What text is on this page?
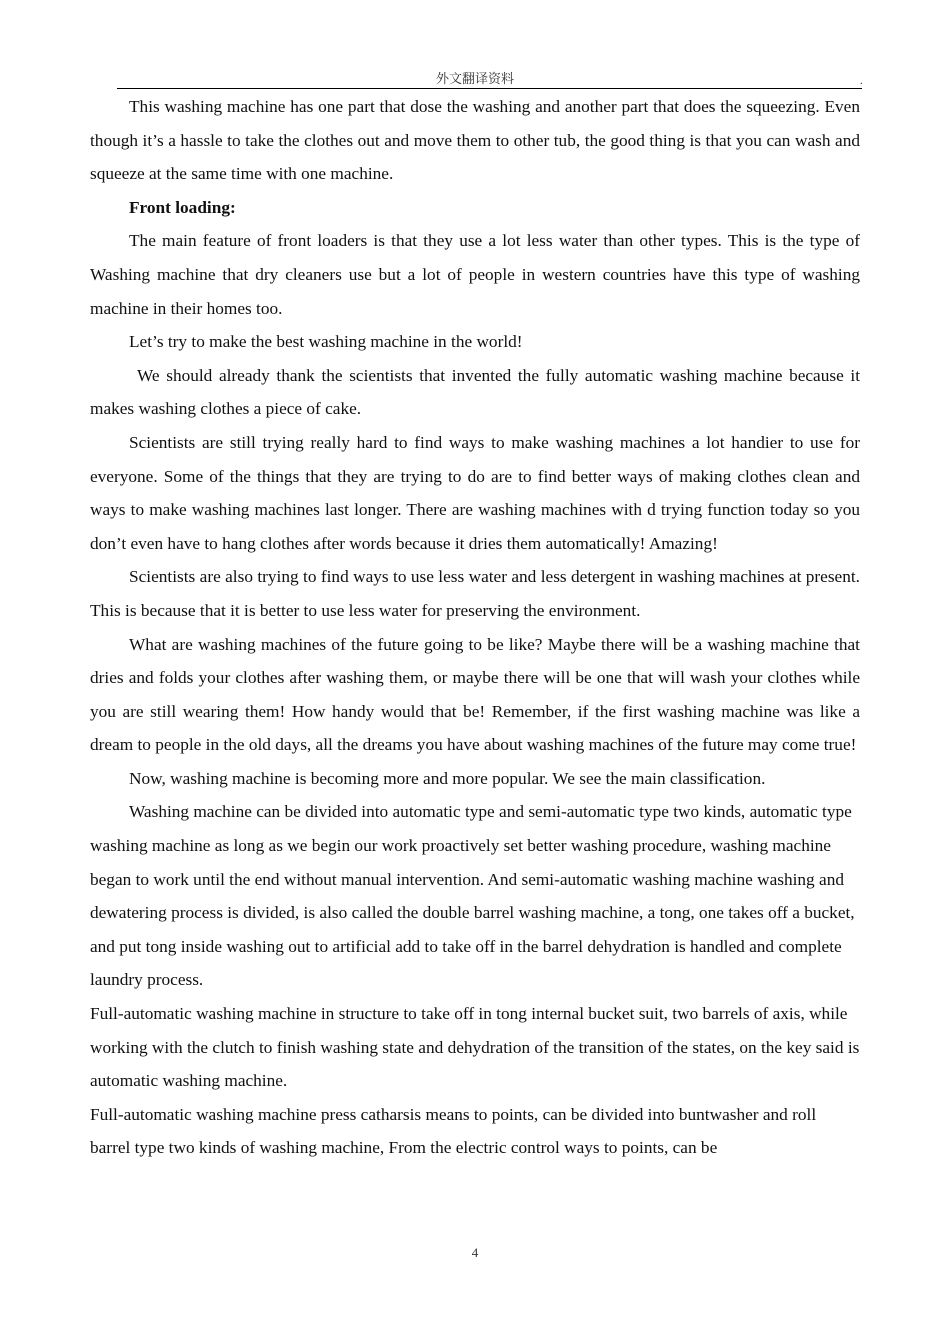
外文翻译资料	.

This washing machine has one part that dose the washing and another part that does the squeezing. Even though it’s a hassle to take the clothes out and move them to other tub, the good thing is that you can wash and squeeze at the same time with one machine.

Front loading:

The main feature of front loaders is that they use a lot less water than other types. This is the type of Washing machine that dry cleaners use but a lot of people in western countries have this type of washing machine in their homes too.

Let’s try to make the best washing machine in the world!

We should already thank the scientists that invented the fully automatic washing machine because it makes washing clothes a piece of cake.

Scientists are still trying really hard to find ways to make washing machines a lot handier to use for everyone. Some of the things that they are trying to do are to find better ways of making clothes clean and ways to make washing machines last longer. There are washing machines with d trying function today so you don’t even have to hang clothes after words because it dries them automatically! Amazing!

Scientists are also trying to find ways to use less water and less detergent in washing machines at present. This is because that it is better to use less water for preserving the environment.

What are washing machines of the future going to be like? Maybe there will be a washing machine that dries and folds your clothes after washing them, or maybe there will be one that will wash your clothes while you are still wearing them! How handy would that be! Remember, if the first washing machine was like a dream to people in the old days, all the dreams you have about washing machines of the future may come true!

Now, washing machine is becoming more and more popular. We see the main classification.

Washing machine can be divided into automatic type and semi-automatic type two kinds, automatic type washing machine as long as we begin our work proactively set better washing procedure, washing machine began to work until the end without manual intervention. And semi-automatic washing machine washing and dewatering process is divided, is also called the double barrel washing machine, a tong, one takes off a bucket, and put tong inside washing out to artificial add to take off in the barrel dehydration is handled and complete laundry process.

Full-automatic washing machine in structure to take off in tong internal bucket suit, two barrels of axis, while working with the clutch to finish washing state and dehydration of the transition of the states, on the key said is automatic washing machine.

Full-automatic washing machine press catharsis means to points, can be divided into buntwasher and roll barrel type two kinds of washing machine, From the electric control ways to points, can be

4
